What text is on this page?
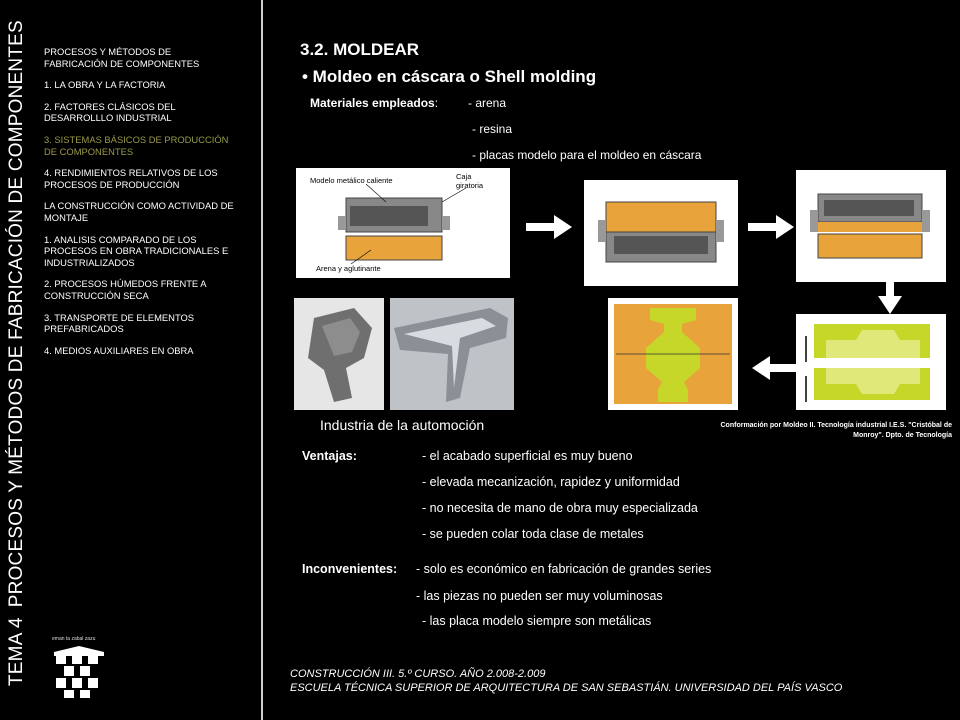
TEMA 4PROCESOS Y MÉTODOS DE FABRICACIÓN DE COMPONENTES PROCESOS Y MÉTODOS DE FABRICACIÓN DE COMPONENTES
1. LA OBRA Y LA FACTORIA
2. FACTORES CLÁSICOS DEL DESARROLLLO INDUSTRIAL
3. SISTEMAS BÁSICOS DE PRODUCCIÓN DE COMPONENTES
4. RENDIMIENTOS RELATIVOS DE LOS PROCESOS DE PRODUCCIÓN
LA CONSTRUCCIÓN COMO ACTIVIDAD DE MONTAJE
1. ANALISIS COMPARADO DE LOS PROCESOS EN OBRA TRADICIONALES E INDUSTRIALIZADOS
2. PROCESOS HÚMEDOS FRENTE A CONSTRUCCIÓN SECA
3. TRANSPORTE DE ELEMENTOS PREFABRICADOS
4. MEDIOS AUXILIARES EN OBRA
eman ta zabal zazu
3.2. MOLDEAR
• Moldeo en cáscara o Shell molding
Materiales empleados: - arena
- resina
- placas modelo para el moldeo en cáscara
Modelo metálico caliente	Caja giratoria
Arena y aglutinante
Industria de la automoción	Conformación por Moldeo II. Tecnología industrial I.E.S. "Cristóbal de Monroy". Dpto. de Tecnología
Ventajas:	- el acabado superficial es muy bueno
- elevada mecanización, rapidez y uniformidad
- no necesita de mano de obra muy especializada
- se pueden colar toda clase de metales
Inconvenientes: - solo es económico en fabricación de grandes series
- las piezas no pueden ser muy voluminosas
- las placa modelo siempre son metálicas
CONSTRUCCIÓN III. 5.º CURSO. AÑO 2.008-2.009
ESCUELA TÉCNICA SUPERIOR DE ARQUITECTURA DE SAN SEBASTIÁN. UNIVERSIDAD DEL PAÍS VASCO
